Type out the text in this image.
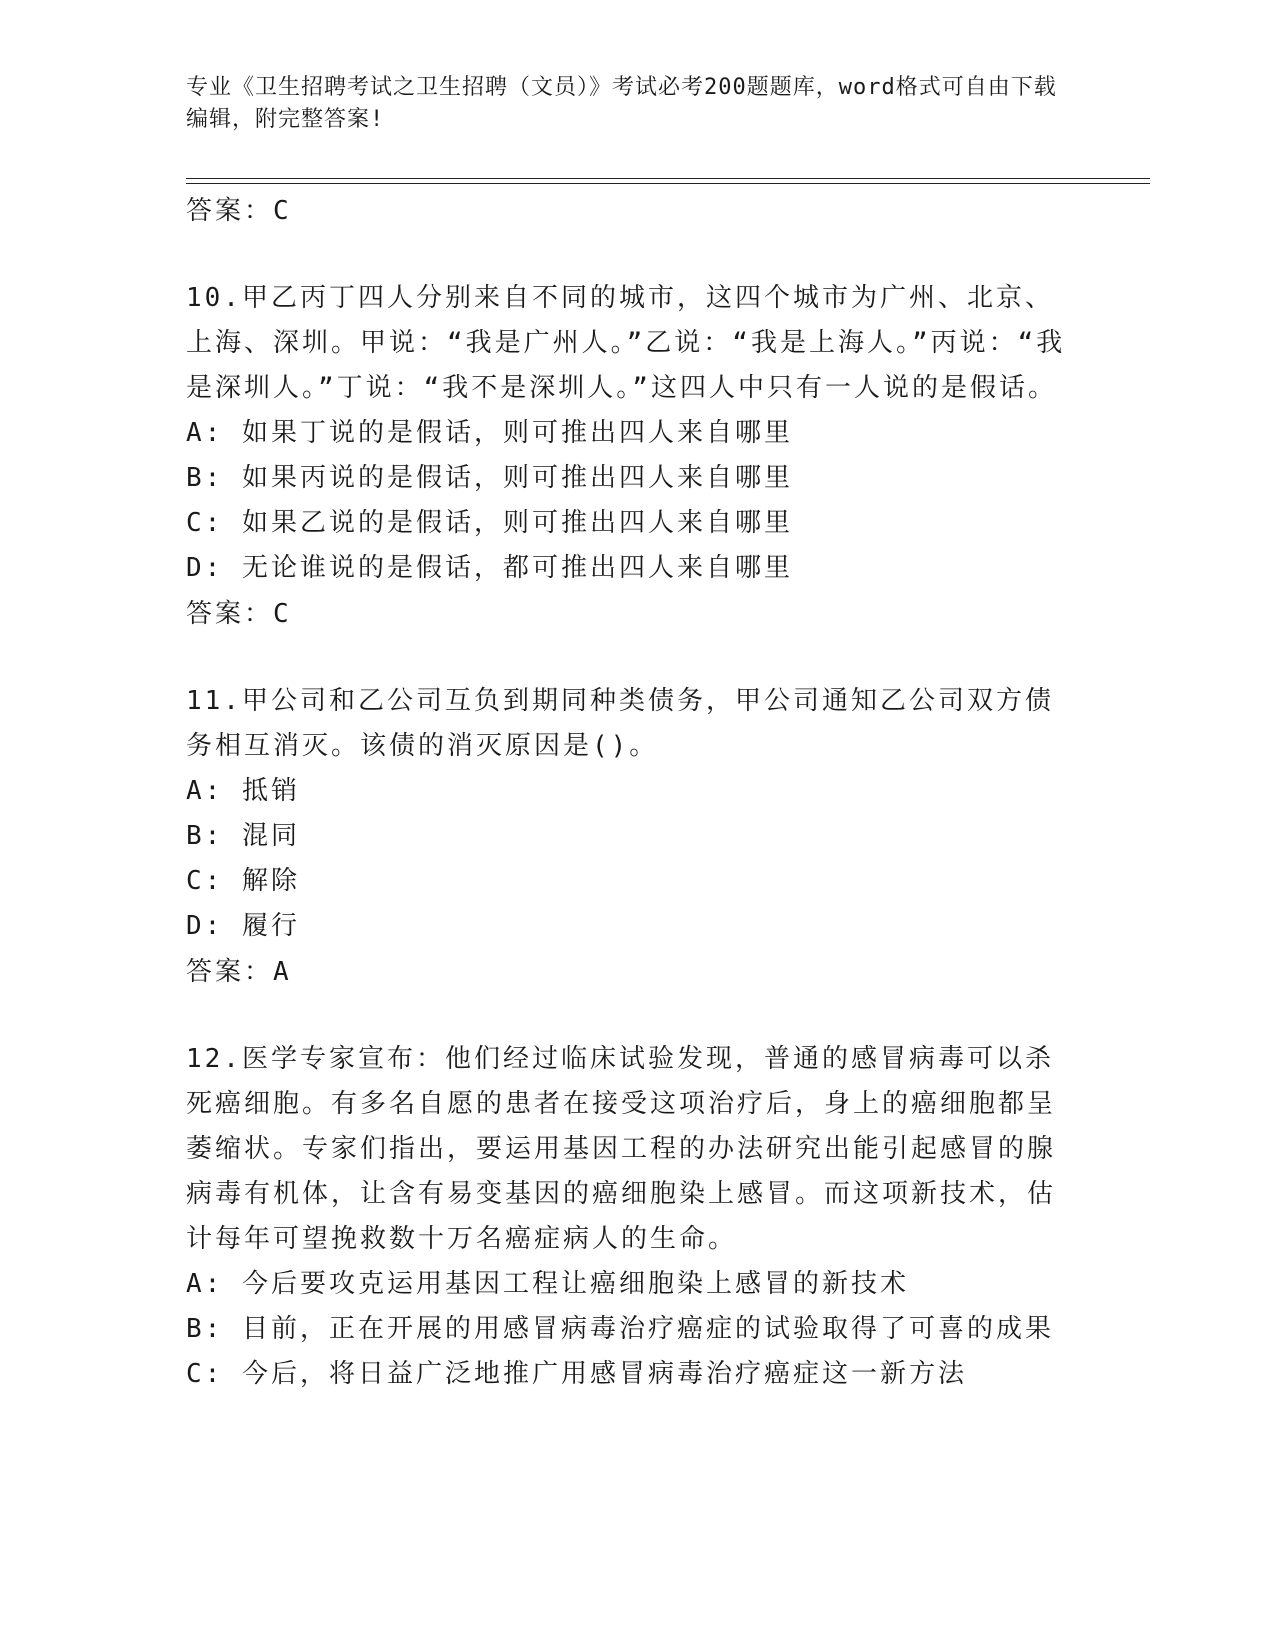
专业《卫生招聘考试之卫生招聘（文员）》考试必考200题题库，word格式可自由下载编辑，附完整答案!
答案：C
10.甲乙丙丁四人分别来自不同的城市，这四个城市为广州、北京、上海、深圳。甲说：“我是广州人。”乙说：“我是上海人。”丙说：“我是深圳人。”丁说：“我不是深圳人。”这四人中只有一人说的是假话。
A: 如果丁说的是假话，则可推出四人来自哪里
B: 如果丙说的是假话，则可推出四人来自哪里
C: 如果乙说的是假话，则可推出四人来自哪里
D: 无论谁说的是假话，都可推出四人来自哪里
答案：C
11.甲公司和乙公司互负到期同种类债务，甲公司通知乙公司双方债务相互消灭。该债的消灭原因是()。
A: 抵销
B: 混同
C: 解除
D: 履行
答案：A
12.医学专家宣布：他们经过临床试验发现，普通的感冒病毒可以杀死癌细胞。有多名自愿的患者在接受这项治疗后，身上的癌细胞都呈萎缩状。专家们指出，要运用基因工程的办法研究出能引起感冒的腺病毒有机体，让含有易变基因的癌细胞染上感冒。而这项新技术，估计每年可望挽救数十万名癌症病人的生命。
A: 今后要攻克运用基因工程让癌细胞染上感冒的新技术
B: 目前，正在开展的用感冒病毒治疗癌症的试验取得了可喜的成果
C: 今后，将日益广泛地推广用感冒病毒治疗癌症这一新方法
